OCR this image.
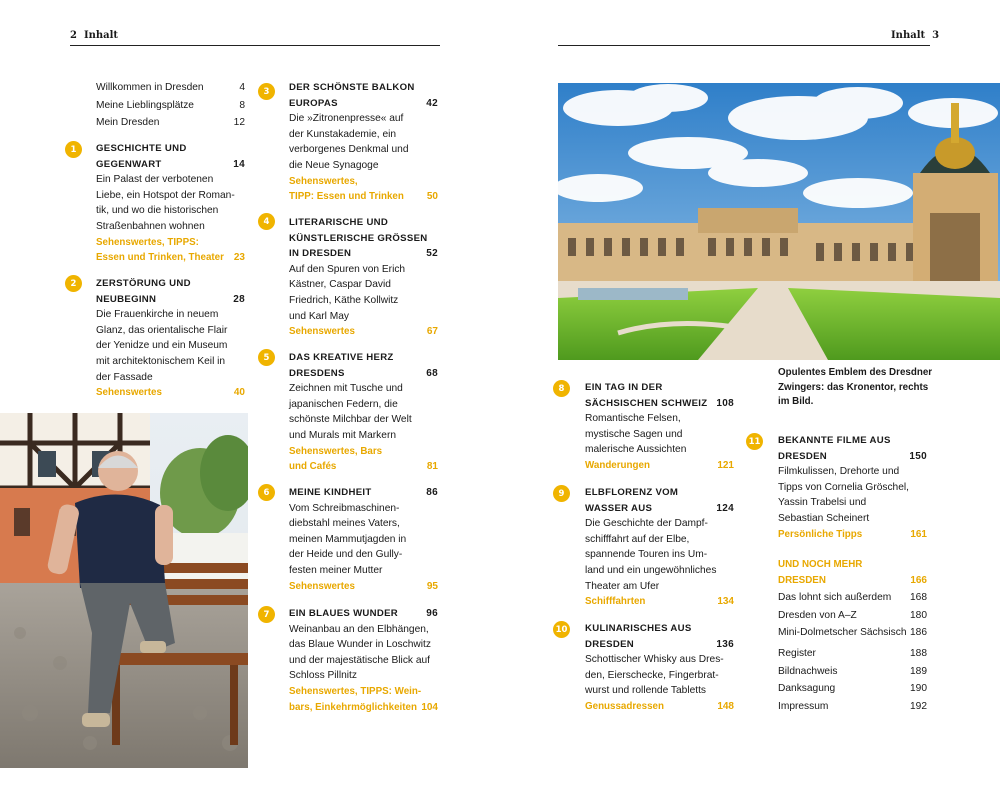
2 Inhalt	Inhalt 3
Willkommen in Dresden	4
Meine Lieblingsplätze	8
Mein Dresden	12
1	GESCHICHTE UND
GEGENWART	14
Ein Palast der verbotenen
Liebe, ein Hotspot der Roman-
tik, und wo die historischen
Straßenbahnen wohnen
Sehenswertes, TIPPS:
Essen und Trinken, Theater 23
2	ZERSTÖRUNG UND
NEUBEGINN	28
Die Frauenkirche in neuem
Glanz, das orientalische Flair
der Yenidze und ein Museum
mit architektonischem Keil in
der Fassade
Sehenswertes	40
3	DER SCHÖNSTE BALKON
EUROPAS	42
Die »Zitronenpresse« auf
der Kunstakademie, ein
verborgenes Denkmal und
die Neue Synagoge
Sehenswertes,
TIPP: Essen und Trinken 50
4	LITERARISCHE UND
KÜNSTLERISCHE GRÖSSEN
IN DRESDEN	52
Auf den Spuren von Erich
Kästner, Caspar David
Friedrich, Käthe Kollwitz
und Karl May
Sehenswertes	67
5	DAS KREATIVE HERZ
DRESDENS	68
Zeichnen mit Tusche und
japanischen Federn, die
schönste Milchbar der Welt
und Murals mit Markern
Sehenswertes, Bars
und Cafés	81
6	MEINE KINDHEIT	86
Vom Schreibmaschinen-
diebstahl meines Vaters,
meinen Mammutjagden in
der Heide und den Gully-
festen meiner Mutter
Sehenswertes	95
7	EIN BLAUES WUNDER	96
Weinanbau an den Elbhängen,
das Blaue Wunder in Loschwitz
und der majestätische Blick auf
Schloss Pillnitz
Sehenswertes, TIPPS: Wein-
bars, Einkehrmöglichkeiten 104
8	EIN TAG IN DER
SÄCHSISCHEN SCHWEIZ 108
Romantische Felsen,
mystische Sagen und
malerische Aussichten
Wanderungen	121
9	ELBFLORENZ VOM
WASSER AUS	124
Die Geschichte der Dampf-
schifffahrt auf der Elbe,
spannende Touren ins Um-
land und ein ungewöhnliches
Theater am Ufer
Schifffahrten	134
10 KULINARISCHES AUS
DRESDEN	136
Schottischer Whisky aus Dres-
den, Eierschecke, Fingerbrat-
wurst und rollende Tabletts
Genussadressen	148
11 BEKANNTE FILME AUS
DRESDEN	150
Filmkulissen, Drehorte und
Tipps von Cornelia Gröschel,
Yassin Trabelsi und
Sebastian Scheinert
Persönliche Tipps	161
UND NOCH MEHR
DRESDEN	166
Das lohnt sich außerdem 168
Dresden von A–Z	180
Mini-Dolmetscher Sächsisch 186
Register	188
Bildnachweis	189
Danksagung	190
Impressum	192
Opulentes Emblem des Dresdner
Zwingers: das Kronentor, rechts
im Bild.
